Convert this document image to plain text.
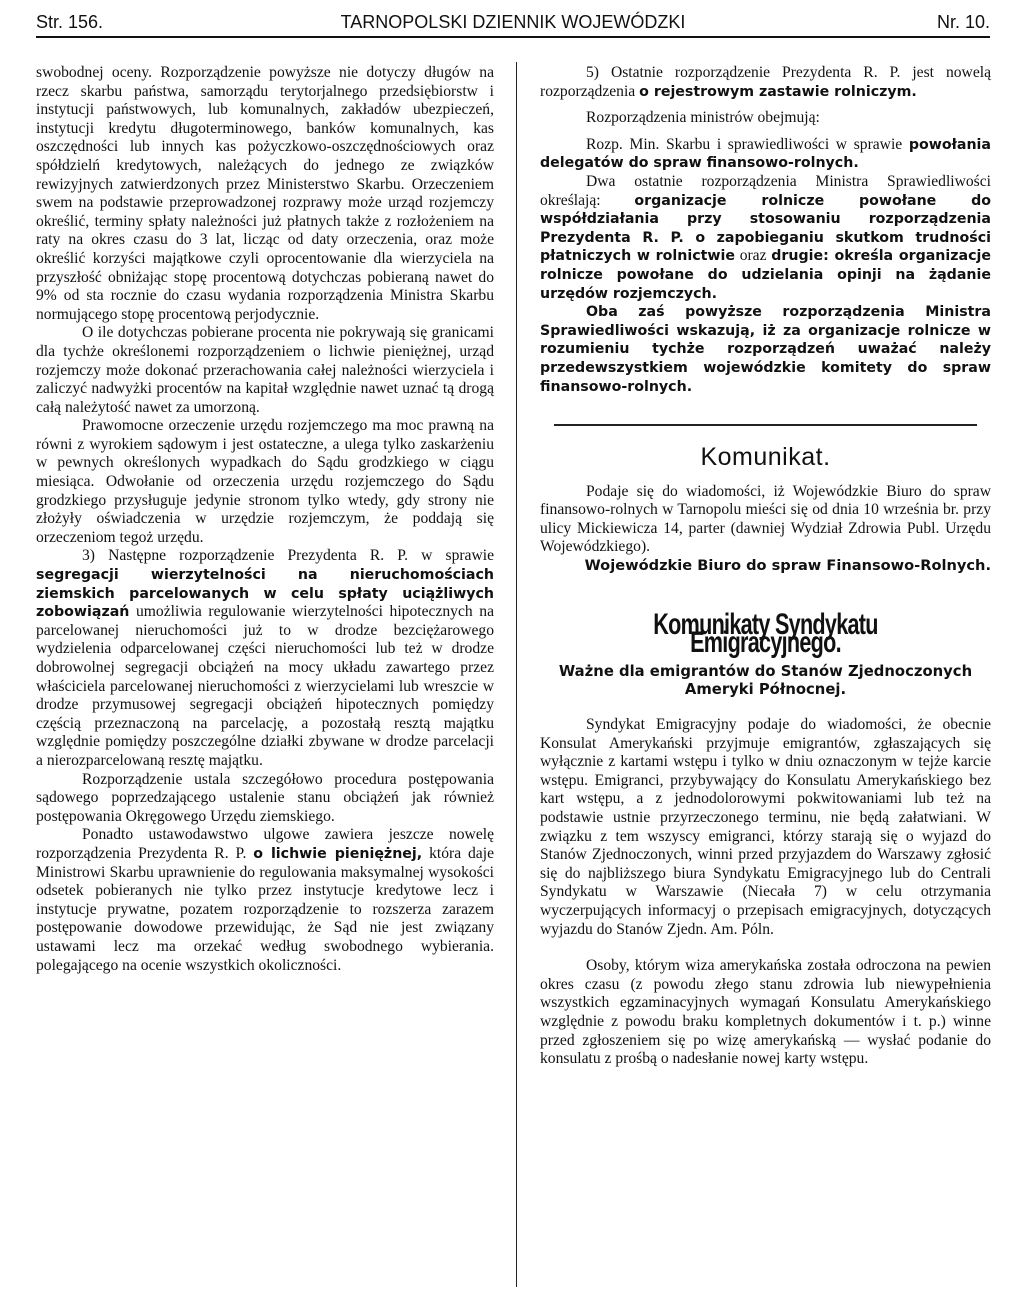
TARNOPOLSKI DZIENNIK WOJEWÓDZKI
Str. 156.	Nr. 10.

swobodnej oceny. Rozporządzenie powyższe nie dotyczy długów na rzecz skarbu państwa, samorządu terytorjalnego przedsiębiorstw i instytucji państwowych, lub komunalnych, zakładów ubezpieczeń, instytucji kredytu długoterminowego, banków komunalnych, kas oszczędności lub innych kas pożyczkowo-oszczędnościowych oraz spółdzielń kredytowych, należących do jednego ze związków rewizyjnych zatwierdzonych przez Ministerstwo Skarbu. Orzeczeniem swem na podstawie przeprowadzonej rozprawy może urząd rozjemczy określić, terminy spłaty należności już płatnych także z rozłożeniem na raty na okres czasu do 3 lat, licząc od daty orzeczenia, oraz może określić korzyści majątkowe czyli oprocentowanie dla wierzyciela na przyszłość obniżając stopę procentową dotychczas pobieraną nawet do 9% od sta rocznie do czasu wydania rozporządzenia Ministra Skarbu normującego stopę procentową perjodycznie.

O ile dotychczas pobierane procenta nie pokrywają się granicami dla tychże określonemi rozporządzeniem o lichwie pieniężnej, urząd rozjemczy może dokonać przerachowania całej należności wierzyciela i zaliczyć nadwyżki procentów na kapitał względnie nawet uznać tą drogą całą należytość nawet za umorzoną.

Prawomocne orzeczenie urzędu rozjemczego ma moc prawną na równi z wyrokiem sądowym i jest ostateczne, a ulega tylko zaskarżeniu w pewnych określonych wypadkach do Sądu grodzkiego w ciągu miesiąca. Odwołanie od orzeczenia urzędu rozjemczego do Sądu grodzkiego przysługuje jedynie stronom tylko wtedy, gdy strony nie złożyły oświadczenia w urzędzie rozjemczym, że poddają się orzeczeniom tegoż urzędu.

3) Następne rozporządzenie Prezydenta R. P. w sprawie segregacji wierzytelności na nieruchomościach ziemskich parcelowanych w celu spłaty uciążliwych zobowiązań umożliwia regulowanie wierzytelności hipotecznych na parcelowanej nieruchomości już to w drodze bezciężarowego wydzielenia odparcelowanej części nieruchomości lub też w drodze dobrowolnej segregacji obciążeń na mocy układu zawartego przez właściciela parcelowanej nieruchomości z wierzycielami lub wreszcie w drodze przymusowej segregacji obciążeń hipotecznych pomiędzy częścią przeznaczoną na parcelację, a pozostałą resztą majątku względnie pomiędzy poszczególne działki zbywane w drodze parcelacji a nierozparcelowaną resztę majątku.

Rozporządzenie ustala szczegółowo procedura postępowania sądowego poprzedzającego ustalenie stanu obciążeń jak również postępowania Okręgowego Urzędu ziemskiego.

Ponadto ustawodawstwo ulgowe zawiera jeszcze nowelę rozporządzenia Prezydenta R. P. o lichwie pieniężnej, która daje Ministrowi Skarbu uprawnienie do regulowania maksymalnej wysokości odsetek pobieranych nie tylko przez instytucje kredytowe lecz i instytucje prywatne, pozatem rozporządzenie to rozszerza zarazem postępowanie dowodowe przewidując, że Sąd nie jest związany ustawami lecz ma orzekać według swobodnego wybierania. polegającego na ocenie wszystkich okoliczności.

5) Ostatnie rozporządzenie Prezydenta R. P. jest nowelą rozporządzenia o rejestrowym zastawie rolniczym.

Rozporządzenia ministrów obejmują:

Rozp. Min. Skarbu i sprawiedliwości w sprawie powołania delegatów do spraw finansowo-rolnych.

Dwa ostatnie rozporządzenia Ministra Sprawiedliwości określają: organizacje rolnicze powołane do współdziałania przy stosowaniu rozporządzenia Prezydenta R. P. o zapobieganiu skutkom trudności płatniczych w rolnictwie oraz drugie: określa organizacje rolnicze powołane do udzielania opinji na żądanie urzędów rozjemczych.

Oba zaś powyższe rozporządzenia Ministra Sprawiedliwości wskazują, iż za organizacje rolnicze w rozumieniu tychże rozporządzeń uważać należy przedewszystkiem wojewódzkie komitety do spraw finansowo-rolnych.

Komunikat.

Podaje się do wiadomości, iż Wojewódzkie Biuro do spraw finansowo-rolnych w Tarnopolu mieści się od dnia 10 września br. przy ulicy Mickiewicza 14, parter (dawniej Wydział Zdrowia Publ. Urzędu Wojewódzkiego).

Wojewódzkie Biuro do spraw Finansowo-Rolnych.

Komunikaty Syndykatu Emigracyjnego.
Ważne dla emigrantów do Stanów Zjednoczonych Ameryki Północnej.

Syndykat Emigracyjny podaje do wiadomości, że obecnie Konsulat Amerykański przyjmuje emigrantów, zgłaszających się wyłącznie z kartami wstępu i tylko w dniu oznaczonym w tejże karcie wstępu. Emigranci, przybywający do Konsulatu Amerykańskiego bez kart wstępu, a z jednodolorowymi pokwitowaniami lub też na podstawie ustnie przyrzeczonego terminu, nie będą załatwiani. W związku z tem wszyscy emigranci, którzy starają się o wyjazd do Stanów Zjednoczonych, winni przed przyjazdem do Warszawy zgłosić się do najbliższego biura Syndykatu Emigracyjnego lub do Centrali Syndykatu w Warszawie (Niecała 7) w celu otrzymania wyczerpujących informacyj o przepisach emigracyjnych, dotyczących wyjazdu do Stanów Zjedn. Am. Póln.

Osoby, którym wiza amerykańska została odroczona na pewien okres czasu (z powodu złego stanu zdrowia lub niewypełnienia wszystkich egzaminacyjnych wymagań Konsulatu Amerykańskiego względnie z powodu braku kompletnych dokumentów i t. p.) winne przed zgłoszeniem się po wizę amerykańską — wysłać podanie do konsulatu z prośbą o nadesłanie nowej karty wstępu.
